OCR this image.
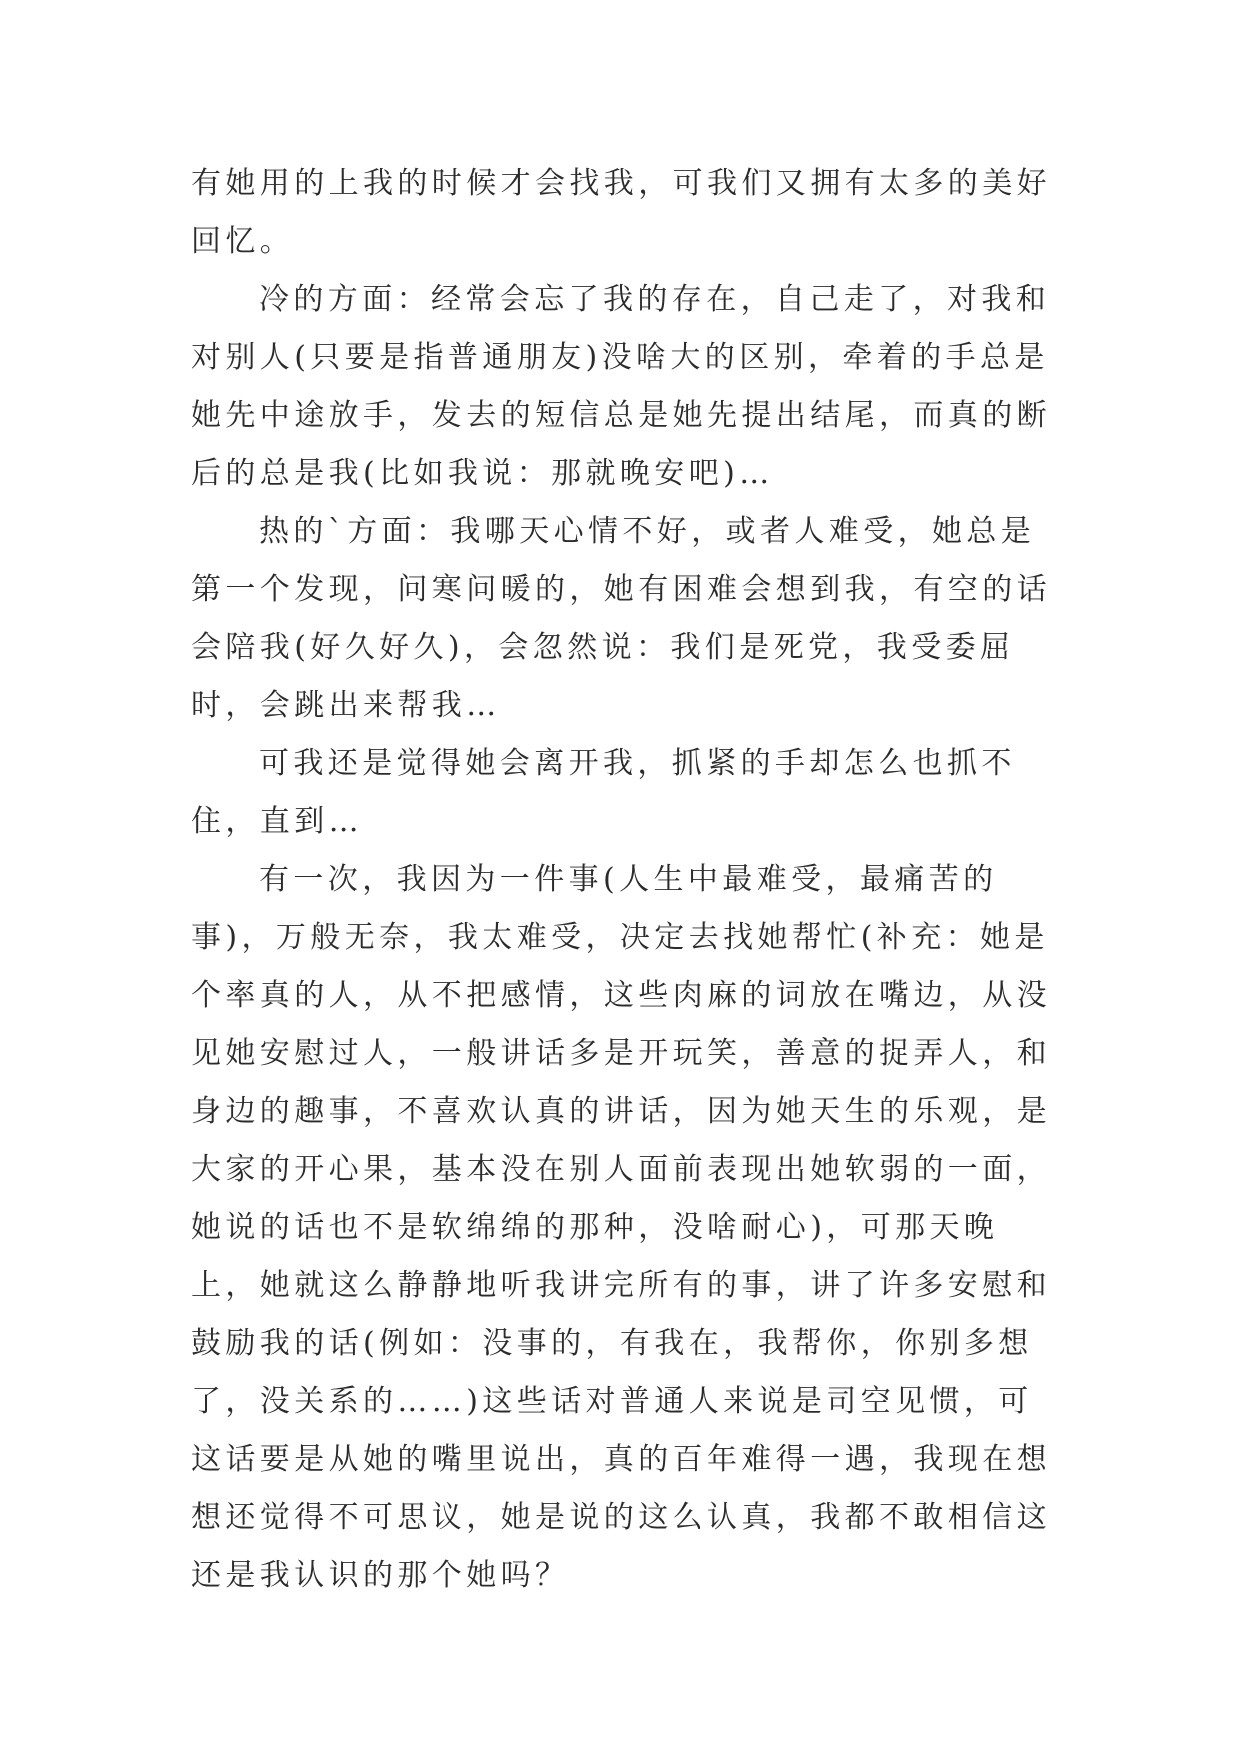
有她用的上我的时候才会找我，可我们又拥有太多的美好回忆。

冷的方面：经常会忘了我的存在，自己走了，对我和对别人(只要是指普通朋友)没啥大的区别，牵着的手总是她先中途放手，发去的短信总是她先提出结尾，而真的断后的总是我(比如我说：那就晚安吧)…

热的`方面：我哪天心情不好，或者人难受，她总是第一个发现，问寒问暖的，她有困难会想到我，有空的话会陪我(好久好久)，会忽然说：我们是死党，我受委屈时，会跳出来帮我…

可我还是觉得她会离开我，抓紧的手却怎么也抓不住，直到…

有一次，我因为一件事(人生中最难受，最痛苦的事)，万般无奈，我太难受，决定去找她帮忙(补充：她是个率真的人，从不把感情，这些肉麻的词放在嘴边，从没见她安慰过人，一般讲话多是开玩笑，善意的捉弄人，和身边的趣事，不喜欢认真的讲话，因为她天生的乐观，是大家的开心果，基本没在别人面前表现出她软弱的一面，她说的话也不是软绵绵的那种，没啥耐心)，可那天晚上，她就这么静静地听我讲完所有的事，讲了许多安慰和鼓励我的话(例如：没事的，有我在，我帮你，你别多想了，没关系的……)这些话对普通人来说是司空见惯，可这话要是从她的嘴里说出，真的百年难得一遇，我现在想想还觉得不可思议，她是说的这么认真，我都不敢相信这还是我认识的那个她吗？
